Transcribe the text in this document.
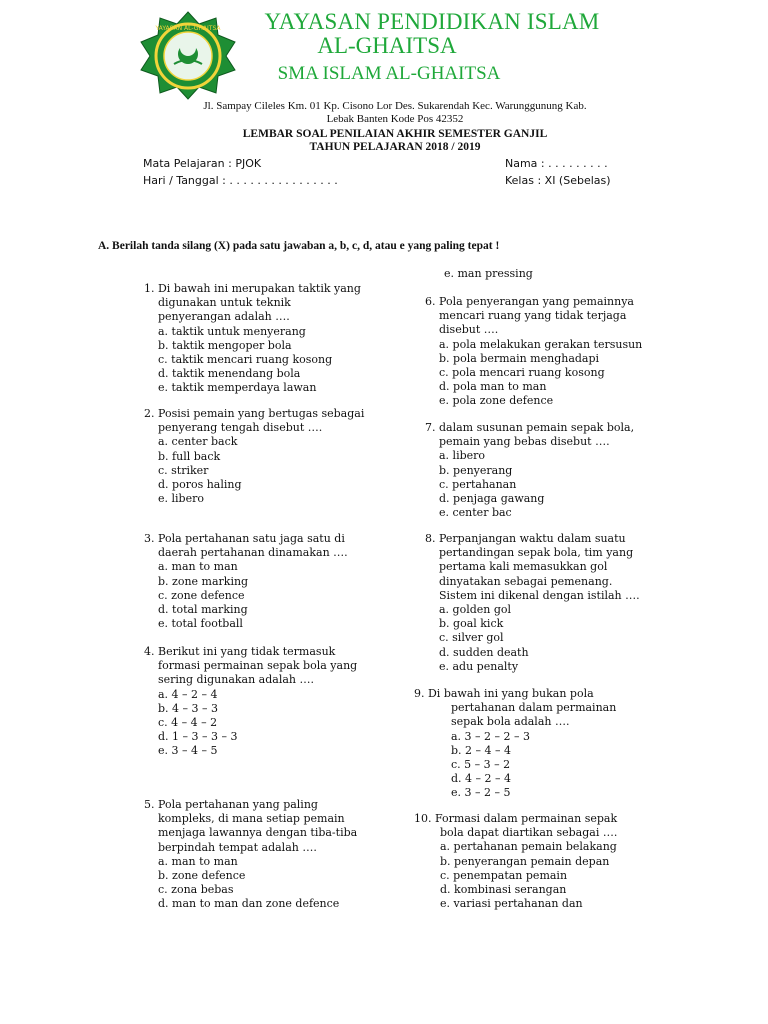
YAYASAN AL-GHAITSA	YAYASAN PENDIDIKAN ISLAM
AL-GHAITSA
SMA ISLAM AL-GHAITSA
Jl. Sampay Cileles Km. 01 Kp. Cisono Lor Des. Sukarendah Kec. Warunggunung Kab.
Lebak Banten Kode Pos 42352
LEMBAR SOAL PENILAIAN AKHIR SEMESTER GANJIL
TAHUN PELAJARAN 2018 / 2019
Mata Pelajaran : PJOK
Hari / Tanggal : . . . . . . . . . . . . . . . .
Nama : . . . . . . . . .
Kelas : XI (Sebelas)
A. Berilah tanda silang (X) pada satu jawaban a, b, c, d, atau e yang paling tepat !
1. Di bawah ini merupakan taktik yang
digunakan untuk teknik
penyerangan adalah ….
a. taktik untuk menyerang
b. taktik mengoper bola
c. taktik mencari ruang kosong
d. taktik menendang bola
e. taktik memperdaya lawan
2. Posisi pemain yang bertugas sebagai
penyerang tengah disebut ….
a. center back
b. full back
c. striker
d. poros haling
e. libero
3. Pola pertahanan satu jaga satu di
daerah pertahanan dinamakan ….
a. man to man
b. zone marking
c. zone defence
d. total marking
e. total football
4. Berikut ini yang tidak termasuk
formasi permainan sepak bola yang
sering digunakan adalah ….
a. 4 – 2 – 4
b. 4 – 3 – 3
c. 4 – 4 – 2
d. 1 – 3 – 3 – 3
e. 3 – 4 – 5
5. Pola pertahanan yang paling
kompleks, di mana setiap pemain
menjaga lawannya dengan tiba-tiba
berpindah tempat adalah ….
a. man to man
b. zone defence
c. zona bebas
d. man to man dan zone defence
e. man pressing
6. Pola penyerangan yang pemainnya
mencari ruang yang tidak terjaga
disebut ….
a. pola melakukan gerakan tersusun
b. pola bermain menghadapi
c. pola mencari ruang kosong
d. pola man to man
e. pola zone defence
7. dalam susunan pemain sepak bola,
pemain yang bebas disebut ….
a. libero
b. penyerang
c. pertahanan
d. penjaga gawang
e. center bac
8. Perpanjangan waktu dalam suatu
pertandingan sepak bola, tim yang
pertama kali memasukkan gol
dinyatakan sebagai pemenang.
Sistem ini dikenal dengan istilah ….
a. golden gol
b. goal kick
c. silver gol
d. sudden death
e. adu penalty
9. Di bawah ini yang bukan pola
pertahanan dalam permainan
sepak bola adalah ….
a. 3 – 2 – 2 – 3
b. 2 – 4 – 4
c. 5 – 3 – 2
d. 4 – 2 – 4
e. 3 – 2 – 5
10. Formasi dalam permainan sepak
bola dapat diartikan sebagai ….
a. pertahanan pemain belakang
b. penyerangan pemain depan
c. penempatan pemain
d. kombinasi serangan
e. variasi pertahanan dan
